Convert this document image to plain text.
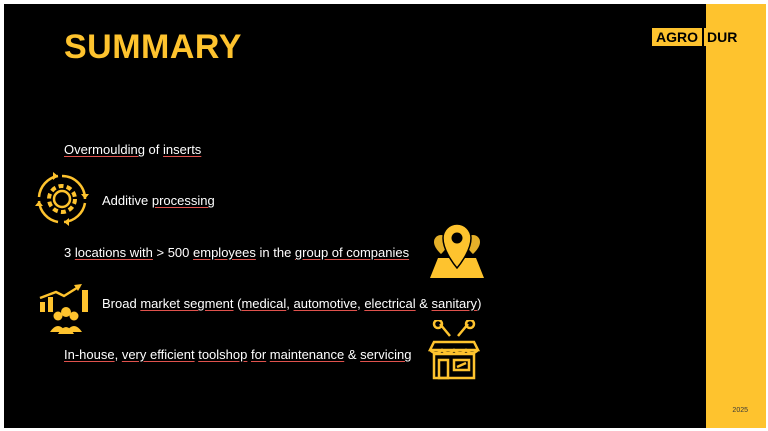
SUMMARY	AGRO DUR
Overmoulding of inserts
Additive processing
3 locations with > 500 employees in the group of companies
Broad market segment (medical, automotive, electrical & sanitary)
In-house, very efficient toolshop for maintenance & servicing
2025
